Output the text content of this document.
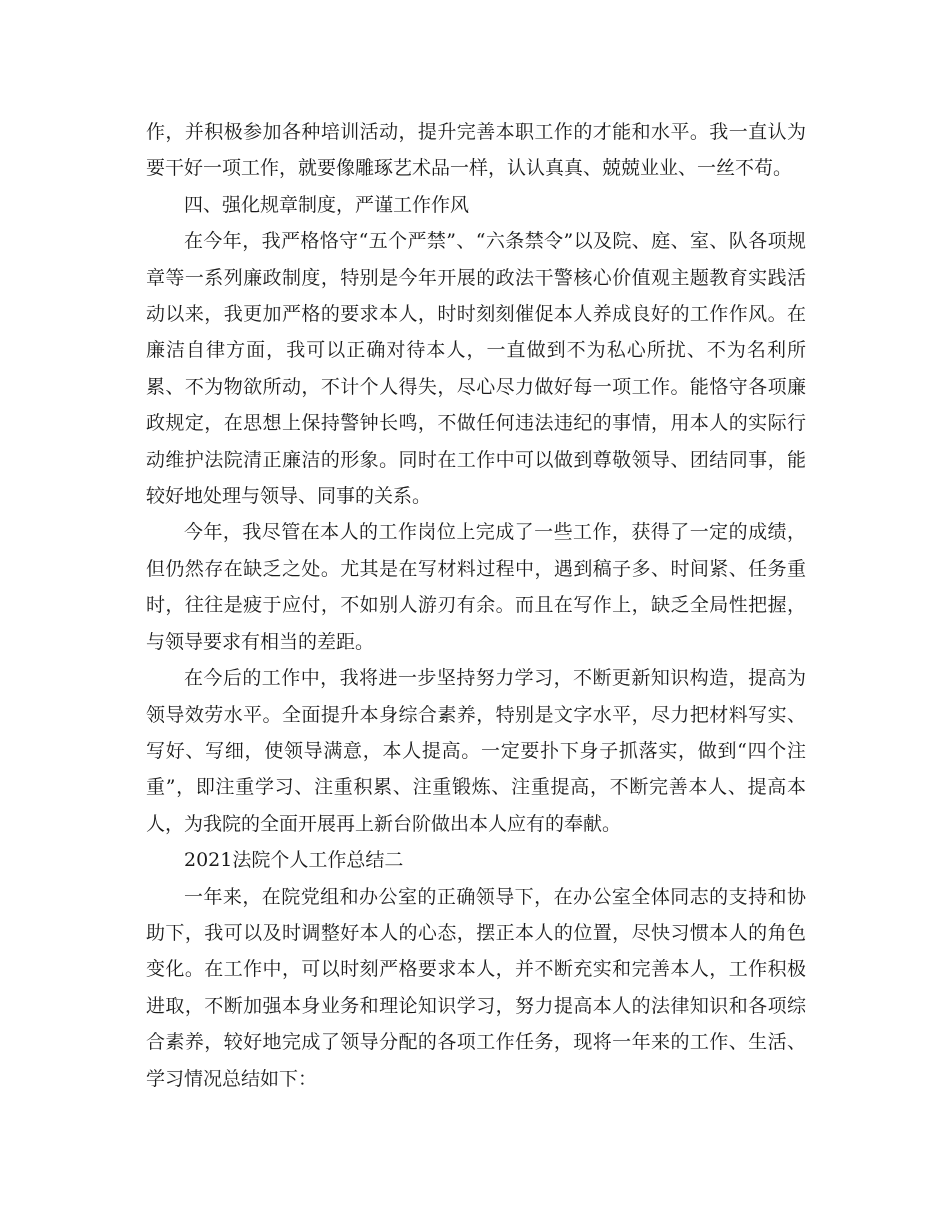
作，并积极参加各种培训活动，提升完善本职工作的才能和水平。我一直认为要干好一项工作，就要像雕琢艺术品一样，认认真真、兢兢业业、一丝不苟。

四、强化规章制度，严谨工作作风

在今年，我严格恪守“五个严禁”、“六条禁令”以及院、庭、室、队各项规章等一系列廉政制度，特别是今年开展的政法干警核心价值观主题教育实践活动以来，我更加严格的要求本人，时时刻刻催促本人养成良好的工作作风。在廉洁自律方面，我可以正确对待本人，一直做到不为私心所扰、不为名利所累、不为物欲所动，不计个人得失，尽心尽力做好每一项工作。能恪守各项廉政规定，在思想上保持警钟长鸣，不做任何违法违纪的事情，用本人的实际行动维护法院清正廉洁的形象。同时在工作中可以做到尊敬领导、团结同事，能较好地处理与领导、同事的关系。

今年，我尽管在本人的工作岗位上完成了一些工作，获得了一定的成绩，但仍然存在缺乏之处。尤其是在写材料过程中，遇到稿子多、时间紧、任务重时，往往是疲于应付，不如别人游刃有余。而且在写作上，缺乏全局性把握，与领导要求有相当的差距。

在今后的工作中，我将进一步坚持努力学习，不断更新知识构造，提高为领导效劳水平。全面提升本身综合素养，特别是文字水平，尽力把材料写实、写好、写细，使领导满意，本人提高。一定要扑下身子抓落实，做到“四个注重”，即注重学习、注重积累、注重锻炼、注重提高，不断完善本人、提高本人，为我院的全面开展再上新台阶做出本人应有的奉献。

2021法院个人工作总结二

一年来，在院党组和办公室的正确领导下，在办公室全体同志的支持和协助下，我可以及时调整好本人的心态，摆正本人的位置，尽快习惯本人的角色变化。在工作中，可以时刻严格要求本人，并不断充实和完善本人，工作积极进取，不断加强本身业务和理论知识学习，努力提高本人的法律知识和各项综合素养，较好地完成了领导分配的各项工作任务，现将一年来的工作、生活、学习情况总结如下：
